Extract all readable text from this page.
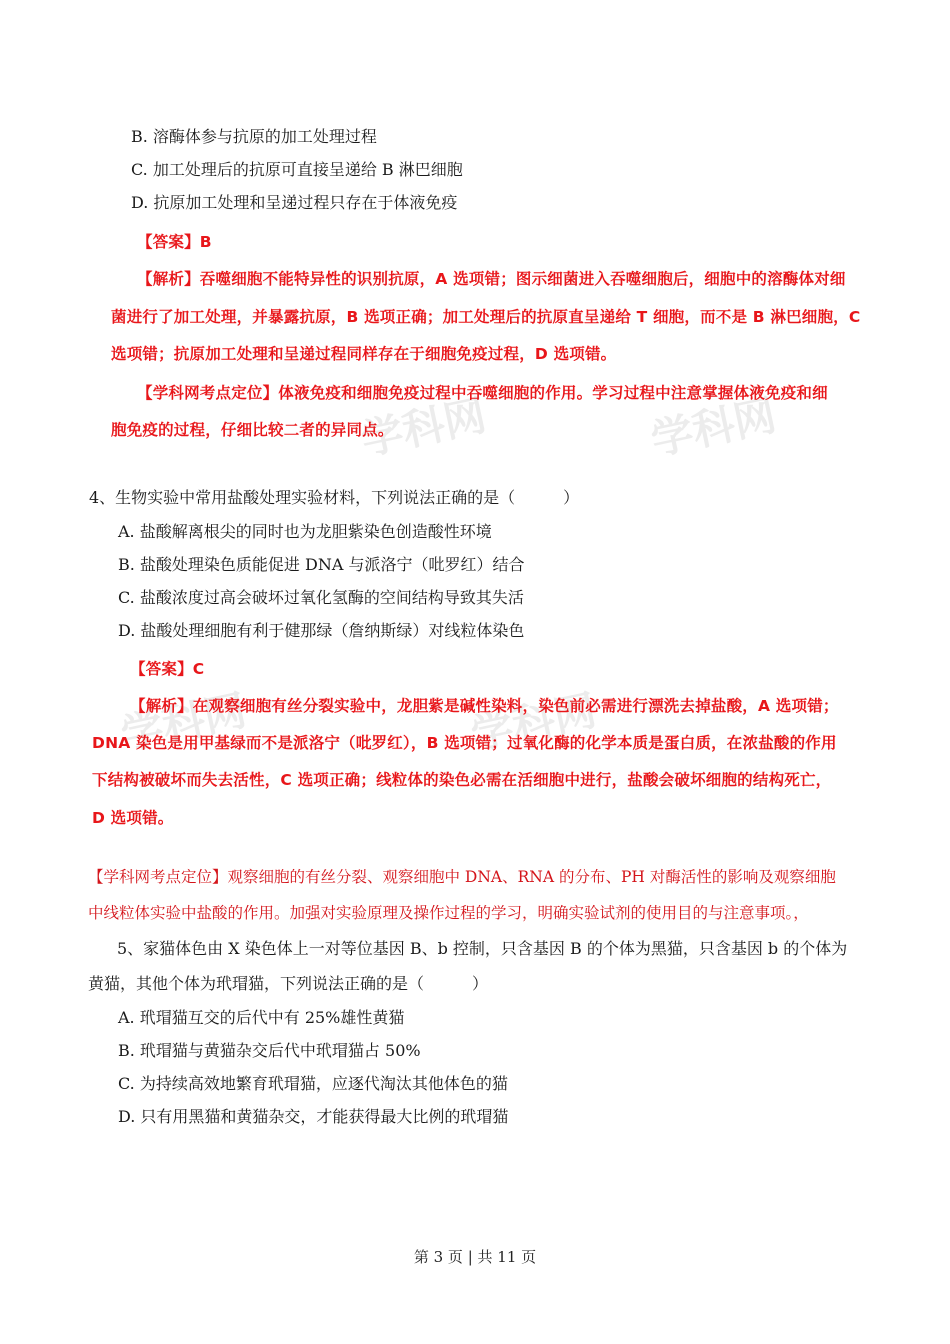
学科网
学科网
学科网
学科网
B. 溶酶体参与抗原的加工处理过程
C. 加工处理后的抗原可直接呈递给 B 淋巴细胞
D. 抗原加工处理和呈递过程只存在于体液免疫
【答案】B
【解析】吞噬细胞不能特异性的识别抗原，A 选项错；图示细菌进入吞噬细胞后，细胞中的溶酶体对细
菌进行了加工处理，并暴露抗原，B 选项正确；加工处理后的抗原直呈递给 T 细胞，而不是 B 淋巴细胞，C
选项错；抗原加工处理和呈递过程同样存在于细胞免疫过程，D 选项错。
【学科网考点定位】体液免疫和细胞免疫过程中吞噬细胞的作用。学习过程中注意掌握体液免疫和细
胞免疫的过程，仔细比较二者的异同点。
4、生物实验中常用盐酸处理实验材料，下列说法正确的是（　　　）
A. 盐酸解离根尖的同时也为龙胆紫染色创造酸性环境
B. 盐酸处理染色质能促进 DNA 与派洛宁（吡罗红）结合
C. 盐酸浓度过高会破坏过氧化氢酶的空间结构导致其失活
D. 盐酸处理细胞有利于健那绿（詹纳斯绿）对线粒体染色
【答案】C
【解析】在观察细胞有丝分裂实验中，龙胆紫是碱性染料，染色前必需进行漂洗去掉盐酸，A 选项错；
DNA 染色是用甲基绿而不是派洛宁（吡罗红），B 选项错；过氧化酶的化学本质是蛋白质，在浓盐酸的作用
下结构被破坏而失去活性，C 选项正确；线粒体的染色必需在活细胞中进行，盐酸会破坏细胞的结构死亡，
D 选项错。
【学科网考点定位】观察细胞的有丝分裂、观察细胞中 DNA、RNA 的分布、PH 对酶活性的影响及观察细胞
中线粒体实验中盐酸的作用。加强对实验原理及操作过程的学习，明确实验试剂的使用目的与注意事项。，
5、家猫体色由 X 染色体上一对等位基因 B、b 控制，只含基因 B 的个体为黑猫，只含基因 b 的个体为
黄猫，其他个体为玳瑁猫，下列说法正确的是（　　　）
A. 玳瑁猫互交的后代中有 25%雄性黄猫
B. 玳瑁猫与黄猫杂交后代中玳瑁猫占 50%
C. 为持续高效地繁育玳瑁猫，应逐代淘汰其他体色的猫
D. 只有用黑猫和黄猫杂交，才能获得最大比例的玳瑁猫
第 3 页 | 共 11 页
